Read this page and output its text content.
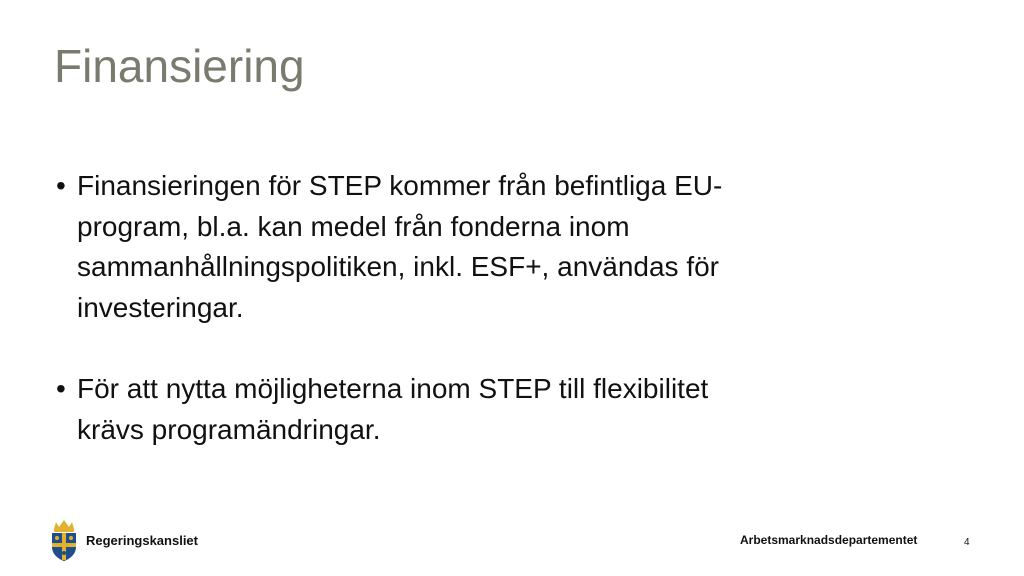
Finansiering
• Finansieringen för STEP kommer från befintliga EU-program, bl.a. kan medel från fonderna inom sammanhållningspolitiken, inkl. ESF+, användas för investeringar.
• För att nytta möjligheterna inom STEP till flexibilitet krävs programändringar.
Regeringskansliet	Arbetsmarknadsdepartementet	4
